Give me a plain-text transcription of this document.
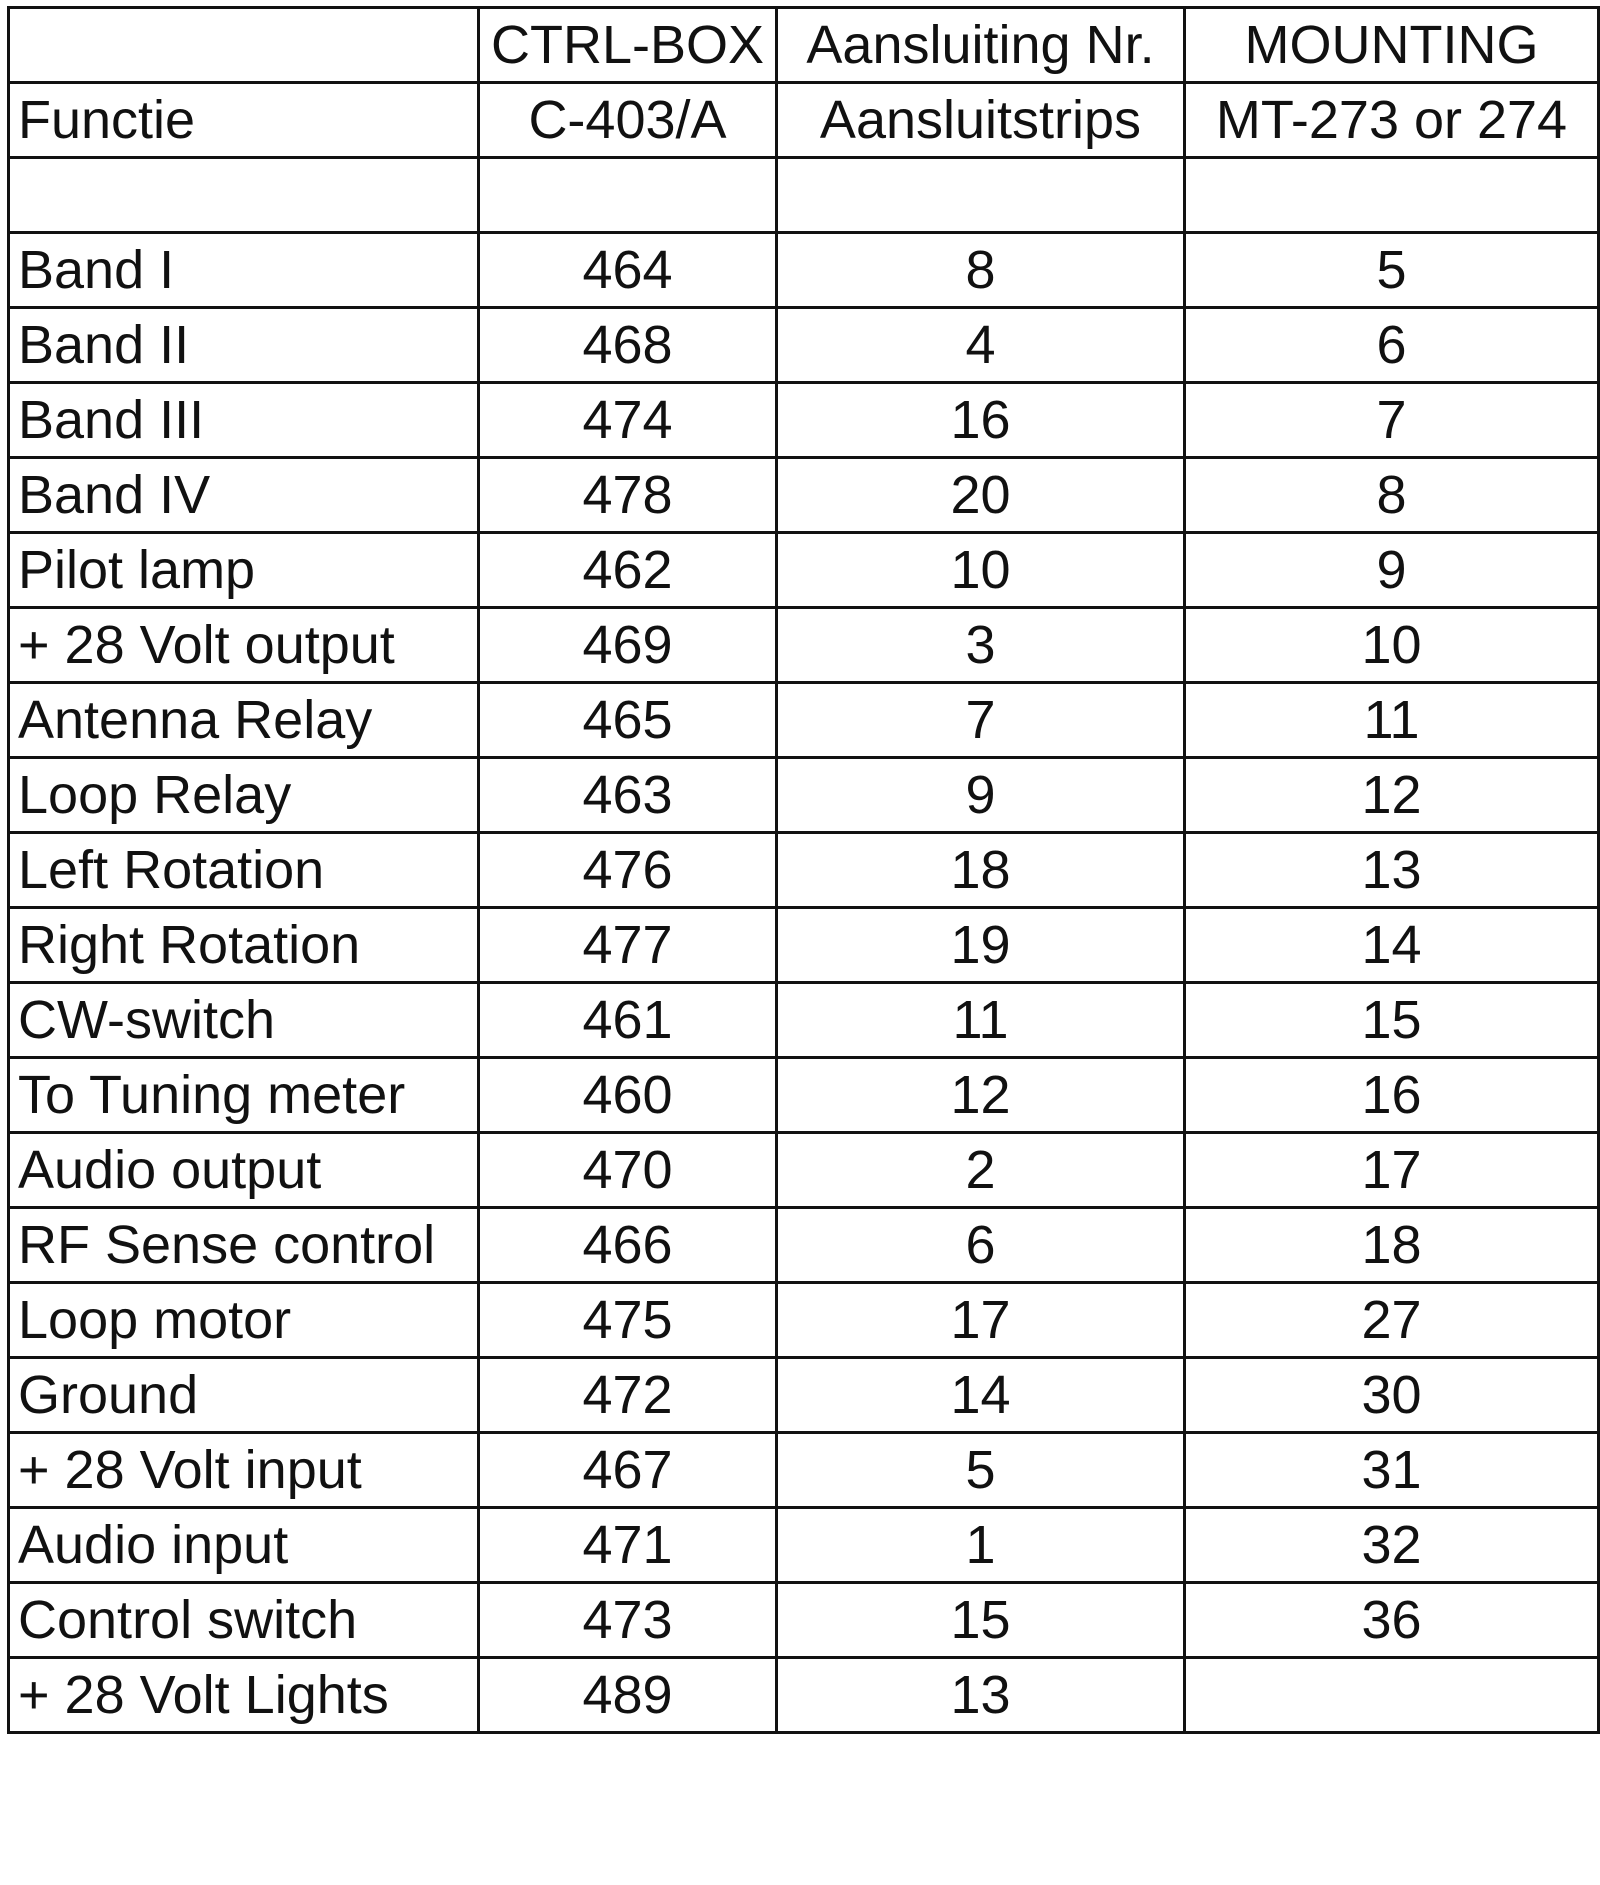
	CTRL-BOX	Aansluiting Nr.	MOUNTING
Functie	C-403/A	Aansluitstrips	MT-273 or 274

Band I	464	8	5
Band II	468	4	6
Band III	474	16	7
Band IV	478	20	8
Pilot lamp	462	10	9
+ 28 Volt output	469	3	10
Antenna Relay	465	7	11
Loop Relay	463	9	12
Left Rotation	476	18	13
Right Rotation	477	19	14
CW-switch	461	11	15
To Tuning meter	460	12	16
Audio output	470	2	17
RF Sense control	466	6	18
Loop motor	475	17	27
Ground	472	14	30
+ 28 Volt input	467	5	31
Audio input	471	1	32
Control switch	473	15	36
+ 28 Volt Lights	489	13	
